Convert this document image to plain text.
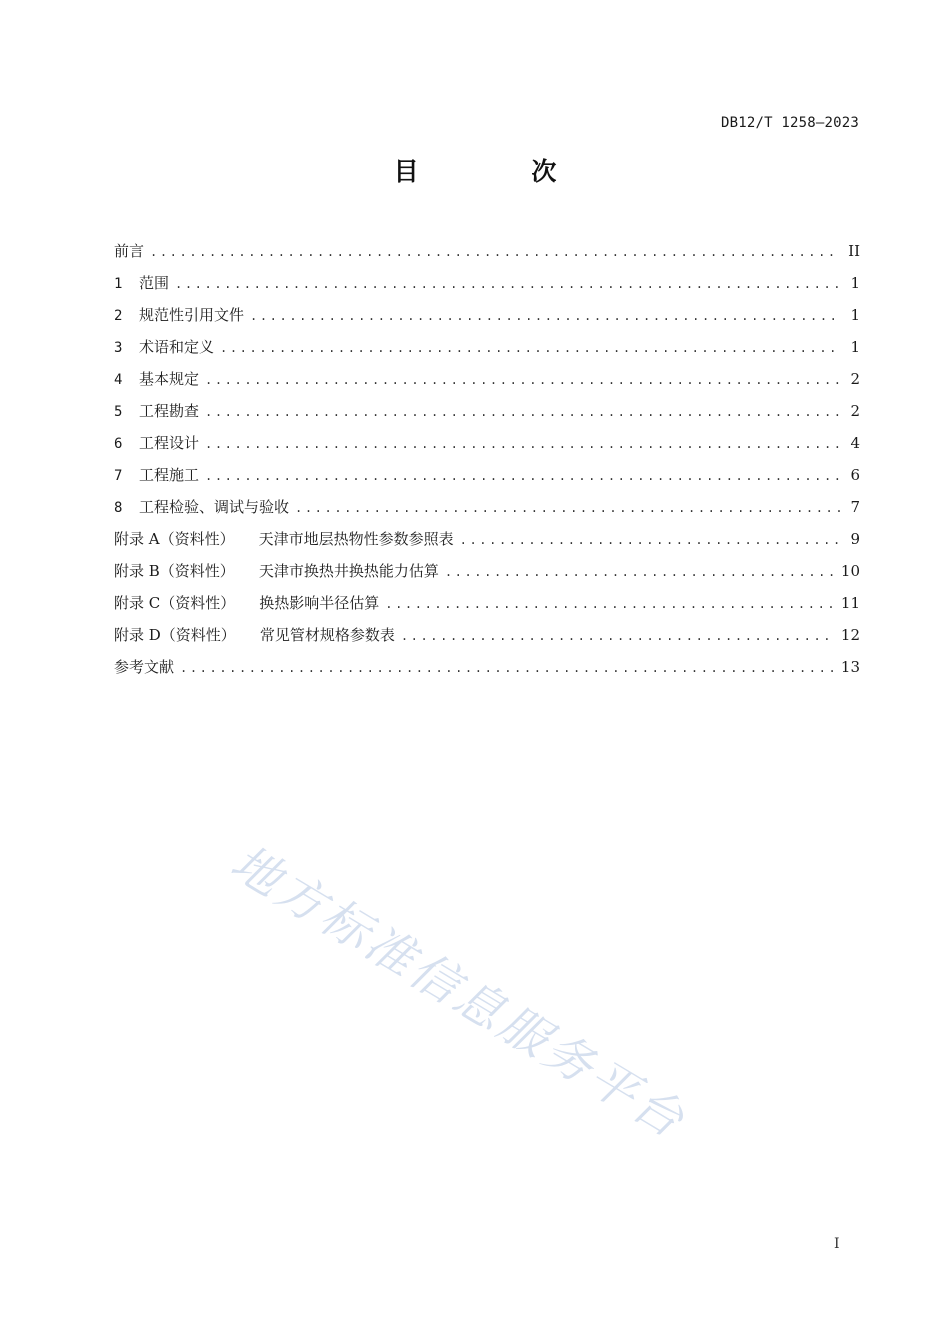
DB12/T 1258—2023
目 次
前言 .....	II
1	范围 .....	1
2	规范性引用文件 .....	1
3	术语和定义 .....	1
4	基本规定 .....	2
5	工程勘查 .....	2
6	工程设计 .....	4
7	工程施工 .....	6
8	工程检验、调试与验收 .....	7
附录 A （资料性） 天津市地层热物性参数参照表 .....	9
附录 B （资料性） 天津市换热井换热能力估算 .....	10
附录 C （资料性） 换热影响半径估算 .....	11
附录 D （资料性） 常见管材规格参数表 .....	12
参考文献 .....	13
地方标准信息服务平台
I
